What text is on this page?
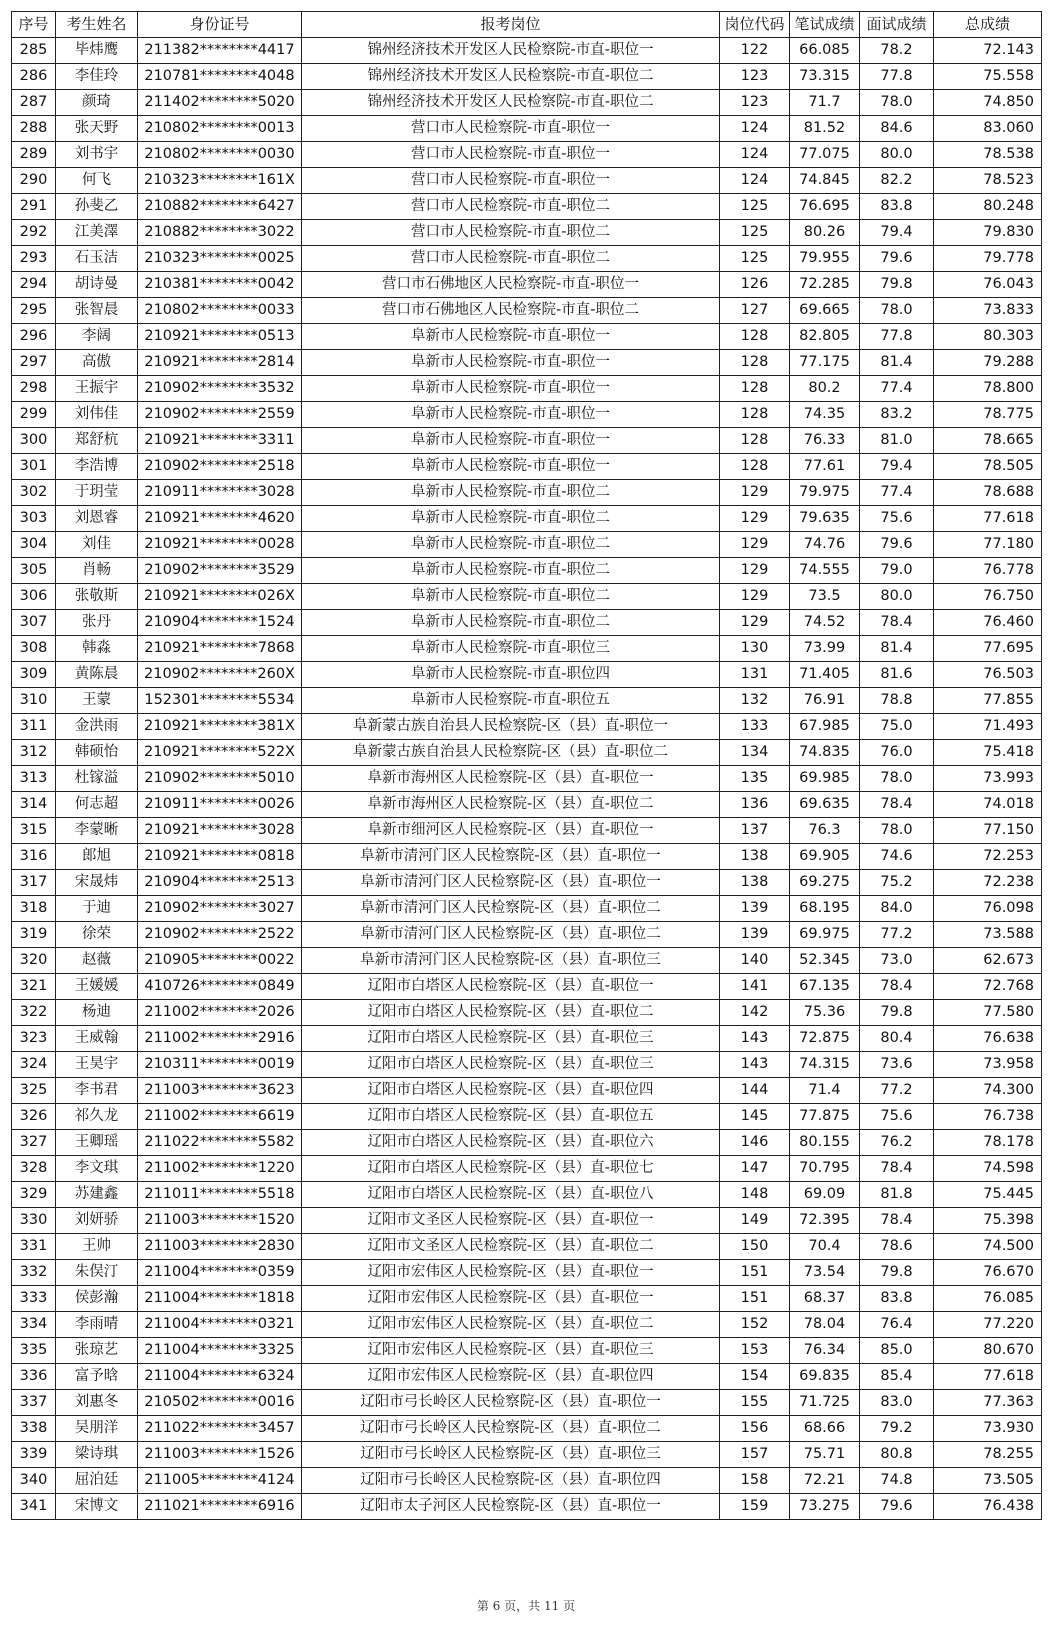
序号	考生姓名	身份证号	报考岗位	岗位代码	笔试成绩	面试成绩	总成绩
285	毕炜鹰	211382********4417	锦州经济技术开发区人民检察院-市直-职位一	122	66.085	78.2	72.143
286	李佳玲	210781********4048	锦州经济技术开发区人民检察院-市直-职位二	123	73.315	77.8	75.558
287	颜琦	211402********5020	锦州经济技术开发区人民检察院-市直-职位二	123	71.7	78.0	74.850
288	张天野	210802********0013	营口市人民检察院-市直-职位一	124	81.52	84.6	83.060
289	刘书宇	210802********0030	营口市人民检察院-市直-职位一	124	77.075	80.0	78.538
290	何飞	210323********161X	营口市人民检察院-市直-职位一	124	74.845	82.2	78.523
291	孙斐乙	210882********6427	营口市人民检察院-市直-职位二	125	76.695	83.8	80.248
292	江美澤	210882********3022	营口市人民检察院-市直-职位二	125	80.26	79.4	79.830
293	石玉洁	210323********0025	营口市人民检察院-市直-职位二	125	79.955	79.6	79.778
294	胡诗曼	210381********0042	营口市石佛地区人民检察院-市直-职位一	126	72.285	79.8	76.043
295	张智晨	210802********0033	营口市石佛地区人民检察院-市直-职位二	127	69.665	78.0	73.833
296	李阔	210921********0513	阜新市人民检察院-市直-职位一	128	82.805	77.8	80.303
297	高傲	210921********2814	阜新市人民检察院-市直-职位一	128	77.175	81.4	79.288
298	王振宇	210902********3532	阜新市人民检察院-市直-职位一	128	80.2	77.4	78.800
299	刘伟佳	210902********2559	阜新市人民检察院-市直-职位一	128	74.35	83.2	78.775
300	郑舒杭	210921********3311	阜新市人民检察院-市直-职位一	128	76.33	81.0	78.665
301	李浩博	210902********2518	阜新市人民检察院-市直-职位一	128	77.61	79.4	78.505
302	于玥莹	210911********3028	阜新市人民检察院-市直-职位二	129	79.975	77.4	78.688
303	刘恩睿	210921********4620	阜新市人民检察院-市直-职位二	129	79.635	75.6	77.618
304	刘佳	210921********0028	阜新市人民检察院-市直-职位二	129	74.76	79.6	77.180
305	肖畅	210902********3529	阜新市人民检察院-市直-职位二	129	74.555	79.0	76.778
306	张敬斯	210921********026X	阜新市人民检察院-市直-职位二	129	73.5	80.0	76.750
307	张丹	210904********1524	阜新市人民检察院-市直-职位二	129	74.52	78.4	76.460
308	韩淼	210921********7868	阜新市人民检察院-市直-职位三	130	73.99	81.4	77.695
309	黄陈晨	210902********260X	阜新市人民检察院-市直-职位四	131	71.405	81.6	76.503
310	王蒙	152301********5534	阜新市人民检察院-市直-职位五	132	76.91	78.8	77.855
311	金洪雨	210921********381X	阜新蒙古族自治县人民检察院-区（县）直-职位一	133	67.985	75.0	71.493
312	韩硕怡	210921********522X	阜新蒙古族自治县人民检察院-区（县）直-职位二	134	74.835	76.0	75.418
313	杜镓溢	210902********5010	阜新市海州区人民检察院-区（县）直-职位一	135	69.985	78.0	73.993
314	何志超	210911********0026	阜新市海州区人民检察院-区（县）直-职位二	136	69.635	78.4	74.018
315	李蒙晰	210921********3028	阜新市细河区人民检察院-区（县）直-职位一	137	76.3	78.0	77.150
316	郎旭	210921********0818	阜新市清河门区人民检察院-区（县）直-职位一	138	69.905	74.6	72.253
317	宋晟炜	210904********2513	阜新市清河门区人民检察院-区（县）直-职位一	138	69.275	75.2	72.238
318	于迪	210902********3027	阜新市清河门区人民检察院-区（县）直-职位二	139	68.195	84.0	76.098
319	徐荣	210902********2522	阜新市清河门区人民检察院-区（县）直-职位二	139	69.975	77.2	73.588
320	赵薇	210905********0022	阜新市清河门区人民检察院-区（县）直-职位三	140	52.345	73.0	62.673
321	王媛媛	410726********0849	辽阳市白塔区人民检察院-区（县）直-职位一	141	67.135	78.4	72.768
322	杨迪	211002********2026	辽阳市白塔区人民检察院-区（县）直-职位二	142	75.36	79.8	77.580
323	王威翰	211002********2916	辽阳市白塔区人民检察院-区（县）直-职位三	143	72.875	80.4	76.638
324	王昊宇	210311********0019	辽阳市白塔区人民检察院-区（县）直-职位三	143	74.315	73.6	73.958
325	李书君	211003********3623	辽阳市白塔区人民检察院-区（县）直-职位四	144	71.4	77.2	74.300
326	祁久龙	211002********6619	辽阳市白塔区人民检察院-区（县）直-职位五	145	77.875	75.6	76.738
327	王卿瑶	211022********5582	辽阳市白塔区人民检察院-区（县）直-职位六	146	80.155	76.2	78.178
328	李文琪	211002********1220	辽阳市白塔区人民检察院-区（县）直-职位七	147	70.795	78.4	74.598
329	苏建鑫	211011********5518	辽阳市白塔区人民检察院-区（县）直-职位八	148	69.09	81.8	75.445
330	刘妍骄	211003********1520	辽阳市文圣区人民检察院-区（县）直-职位一	149	72.395	78.4	75.398
331	王帅	211003********2830	辽阳市文圣区人民检察院-区（县）直-职位二	150	70.4	78.6	74.500
332	朱俣汀	211004********0359	辽阳市宏伟区人民检察院-区（县）直-职位一	151	73.54	79.8	76.670
333	侯彭瀚	211004********1818	辽阳市宏伟区人民检察院-区（县）直-职位一	151	68.37	83.8	76.085
334	李雨晴	211004********0321	辽阳市宏伟区人民检察院-区（县）直-职位二	152	78.04	76.4	77.220
335	张琼艺	211004********3325	辽阳市宏伟区人民检察院-区（县）直-职位三	153	76.34	85.0	80.670
336	富予晗	211004********6324	辽阳市宏伟区人民检察院-区（县）直-职位四	154	69.835	85.4	77.618
337	刘惠冬	210502********0016	辽阳市弓长岭区人民检察院-区（县）直-职位一	155	71.725	83.0	77.363
338	吴朋洋	211022********3457	辽阳市弓长岭区人民检察院-区（县）直-职位二	156	68.66	79.2	73.930
339	梁诗琪	211003********1526	辽阳市弓长岭区人民检察院-区（县）直-职位三	157	75.71	80.8	78.255
340	屈泊廷	211005********4124	辽阳市弓长岭区人民检察院-区（县）直-职位四	158	72.21	74.8	73.505
341	宋博文	211021********6916	辽阳市太子河区人民检察院-区（县）直-职位一	159	73.275	79.6	76.438
第 6 页，共 11 页
